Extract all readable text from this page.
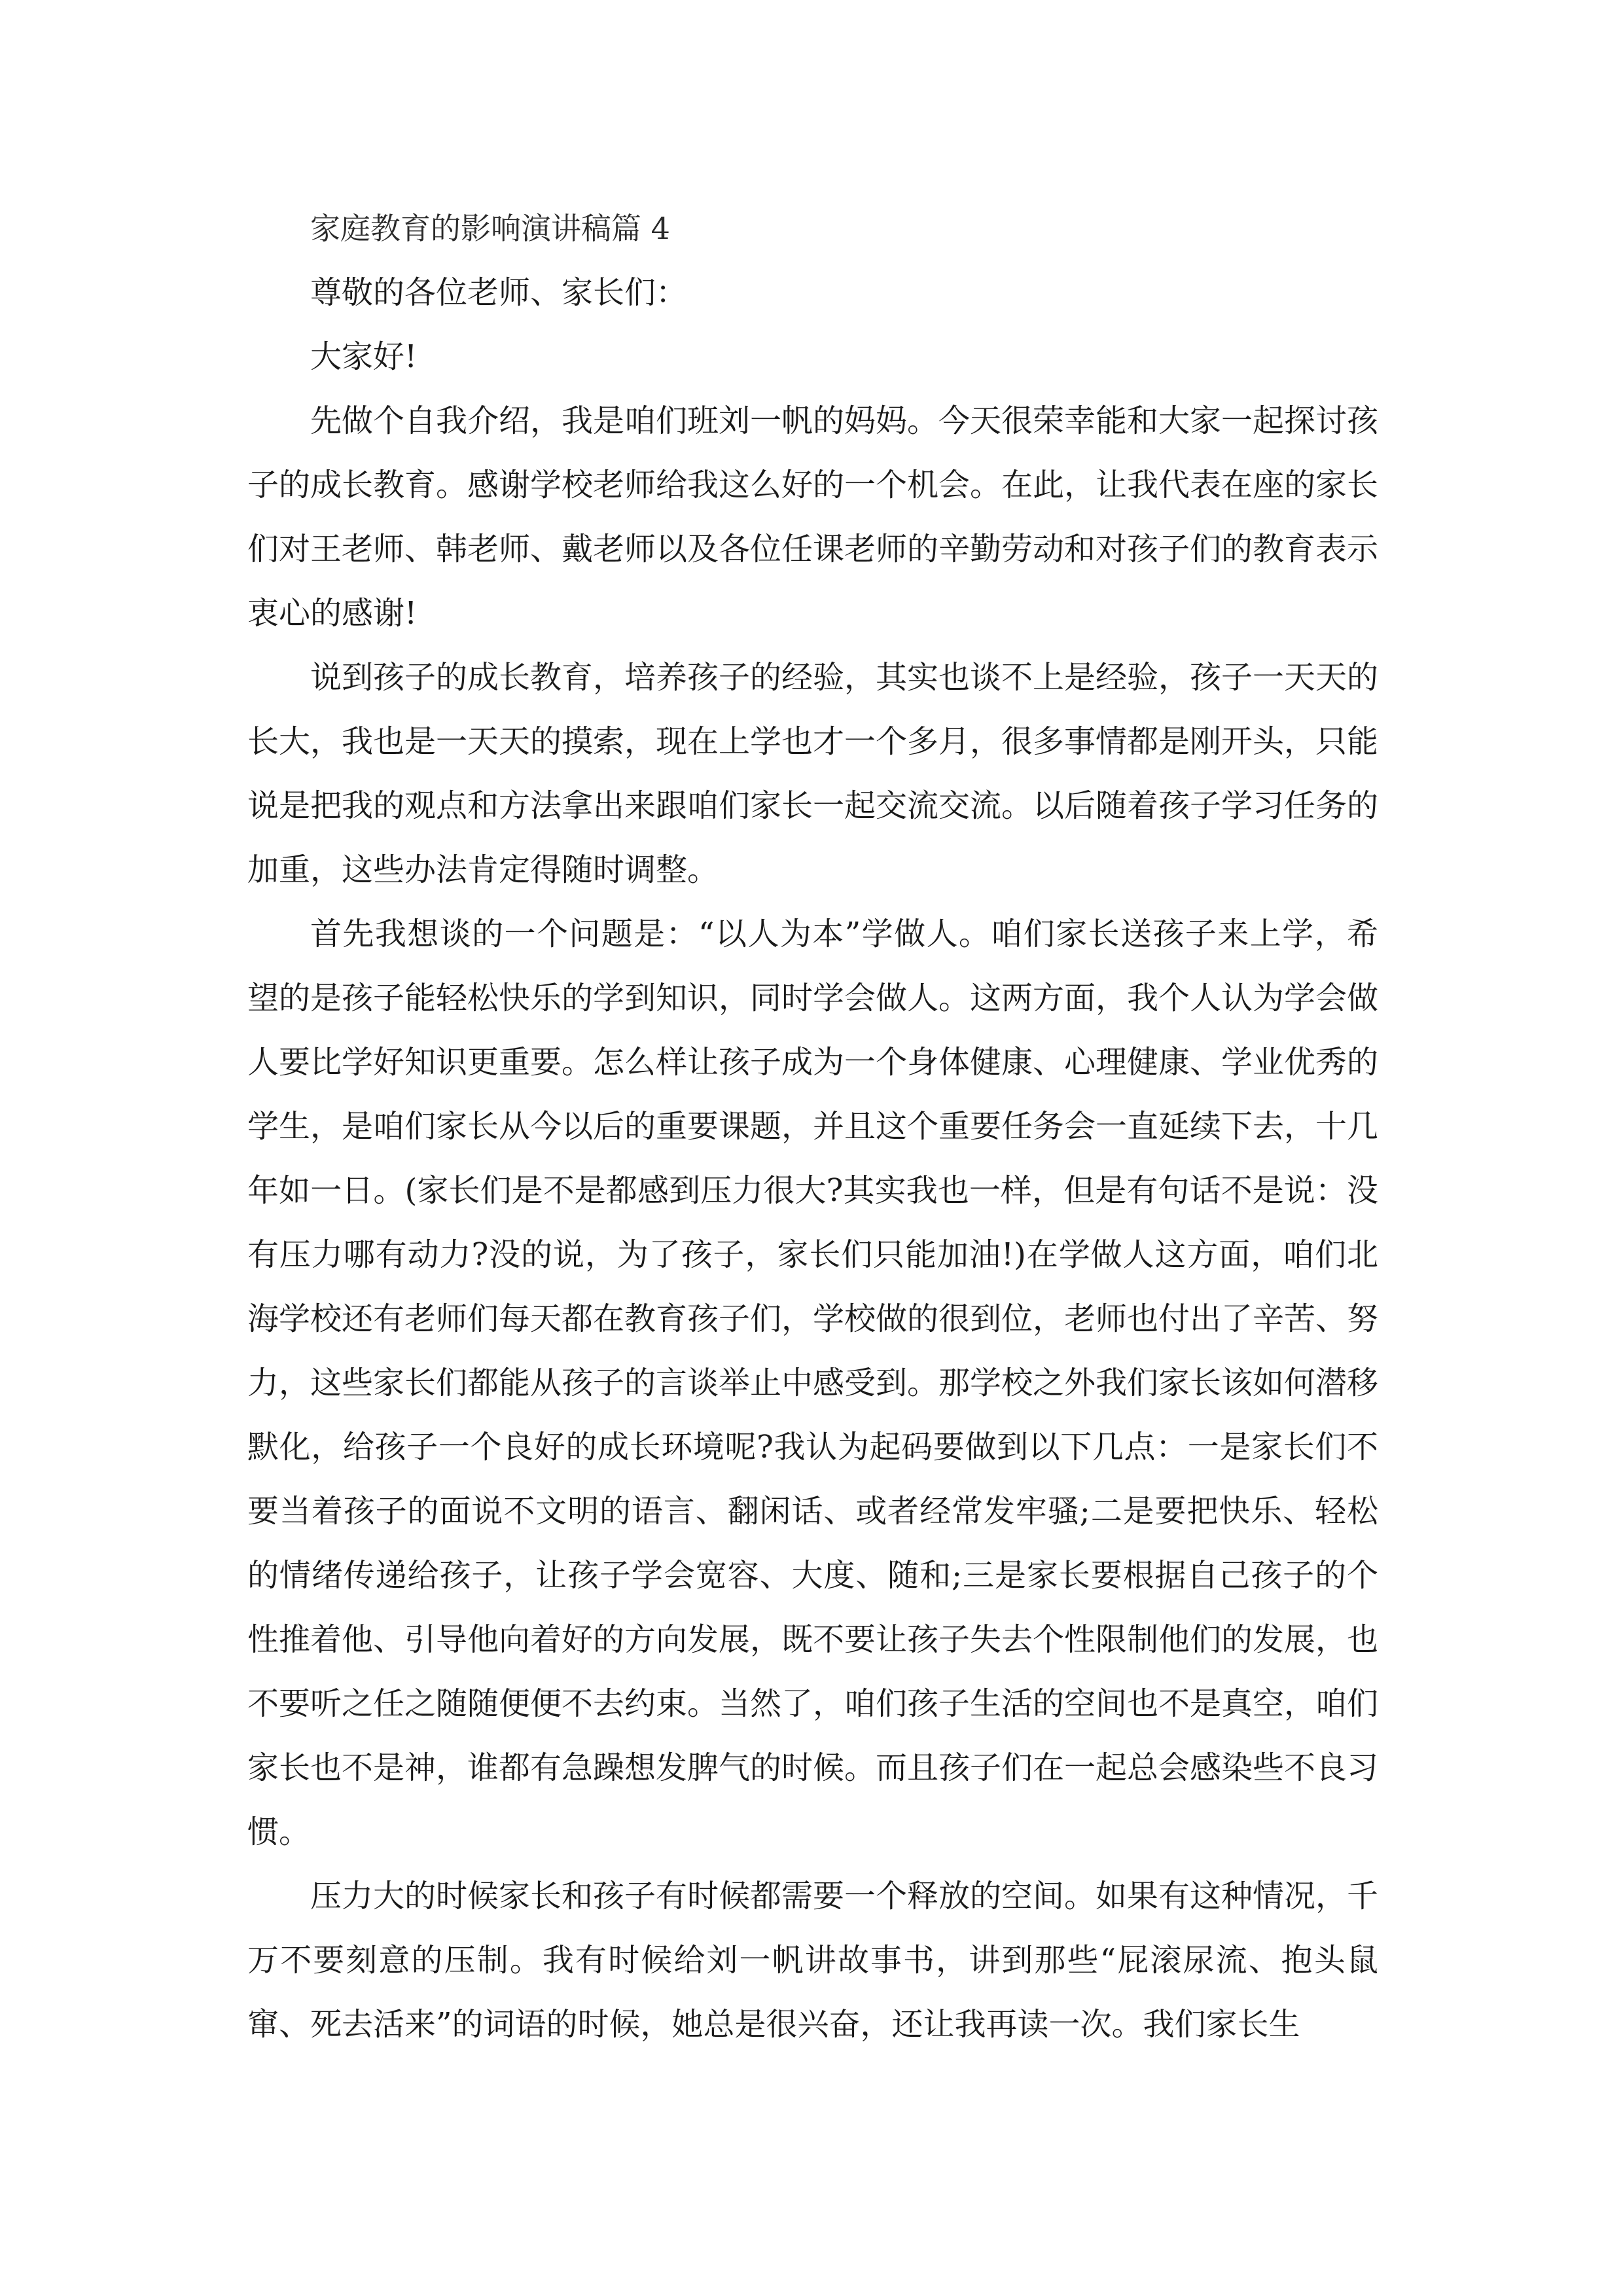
家庭教育的影响演讲稿篇 4

尊敬的各位老师、家长们：

大家好!

先做个自我介绍，我是咱们班刘一帆的妈妈。今天很荣幸能和大家一起探讨孩子的成长教育。感谢学校老师给我这么好的一个机会。在此，让我代表在座的家长们对王老师、韩老师、戴老师以及各位任课老师的辛勤劳动和对孩子们的教育表示衷心的感谢!

说到孩子的成长教育，培养孩子的经验，其实也谈不上是经验，孩子一天天的长大，我也是一天天的摸索，现在上学也才一个多月，很多事情都是刚开头，只能说是把我的观点和方法拿出来跟咱们家长一起交流交流。以后随着孩子学习任务的加重，这些办法肯定得随时调整。

首先我想谈的一个问题是：“以人为本”学做人。咱们家长送孩子来上学，希望的是孩子能轻松快乐的学到知识，同时学会做人。这两方面，我个人认为学会做人要比学好知识更重要。怎么样让孩子成为一个身体健康、心理健康、学业优秀的学生，是咱们家长从今以后的重要课题，并且这个重要任务会一直延续下去，十几年如一日。(家长们是不是都感到压力很大?其实我也一样，但是有句话不是说：没有压力哪有动力?没的说，为了孩子，家长们只能加油!)在学做人这方面，咱们北海学校还有老师们每天都在教育孩子们，学校做的很到位，老师也付出了辛苦、努力，这些家长们都能从孩子的言谈举止中感受到。那学校之外我们家长该如何潜移默化，给孩子一个良好的成长环境呢?我认为起码要做到以下几点：一是家长们不要当着孩子的面说不文明的语言、翻闲话、或者经常发牢骚;二是要把快乐、轻松的情绪传递给孩子，让孩子学会宽容、大度、随和;三是家长要根据自己孩子的个性推着他、引导他向着好的方向发展，既不要让孩子失去个性限制他们的发展，也不要听之任之随随便便不去约束。当然了，咱们孩子生活的空间也不是真空，咱们家长也不是神，谁都有急躁想发脾气的时候。而且孩子们在一起总会感染些不良习惯。

压力大的时候家长和孩子有时候都需要一个释放的空间。如果有这种情况，千万不要刻意的压制。我有时候给刘一帆讲故事书，讲到那些“屁滚尿流、抱头鼠窜、死去活来”的词语的时候，她总是很兴奋，还让我再读一次。我们家长生
